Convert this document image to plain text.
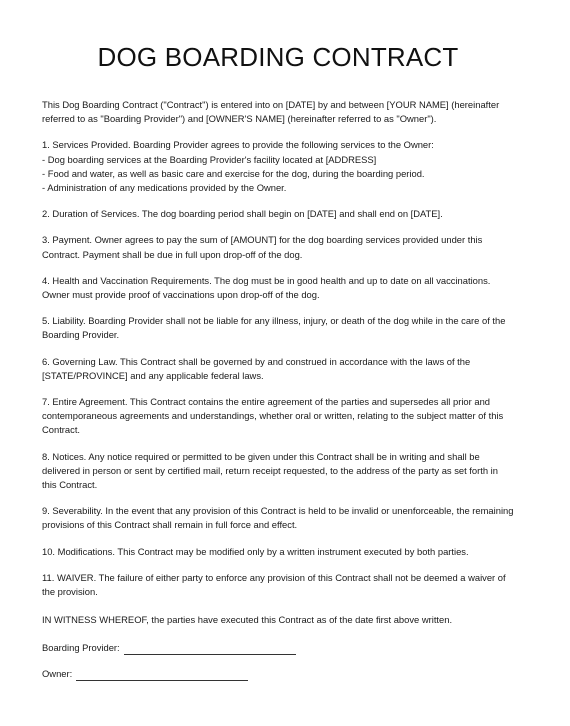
DOG BOARDING CONTRACT

This Dog Boarding Contract ("Contract") is entered into on [DATE] by and between [YOUR NAME] (hereinafter referred to as "Boarding Provider") and [OWNER'S NAME] (hereinafter referred to as "Owner").

1. Services Provided. Boarding Provider agrees to provide the following services to the Owner:
- Dog boarding services at the Boarding Provider's facility located at [ADDRESS]
- Food and water, as well as basic care and exercise for the dog, during the boarding period.
- Administration of any medications provided by the Owner.

2. Duration of Services. The dog boarding period shall begin on [DATE] and shall end on [DATE].

3. Payment. Owner agrees to pay the sum of [AMOUNT] for the dog boarding services provided under this Contract. Payment shall be due in full upon drop-off of the dog.

4. Health and Vaccination Requirements. The dog must be in good health and up to date on all vaccinations. Owner must provide proof of vaccinations upon drop-off of the dog.

5. Liability. Boarding Provider shall not be liable for any illness, injury, or death of the dog while in the care of the Boarding Provider.

6. Governing Law. This Contract shall be governed by and construed in accordance with the laws of the [STATE/PROVINCE] and any applicable federal laws.

7. Entire Agreement. This Contract contains the entire agreement of the parties and supersedes all prior and contemporaneous agreements and understandings, whether oral or written, relating to the subject matter of this Contract.

8. Notices. Any notice required or permitted to be given under this Contract shall be in writing and shall be delivered in person or sent by certified mail, return receipt requested, to the address of the party as set forth in this Contract.

9. Severability. In the event that any provision of this Contract is held to be invalid or unenforceable, the remaining provisions of this Contract shall remain in full force and effect.

10. Modifications. This Contract may be modified only by a written instrument executed by both parties.

11. WAIVER. The failure of either party to enforce any provision of this Contract shall not be deemed a waiver of the provision.

IN WITNESS WHEREOF, the parties have executed this Contract as of the date first above written.

Boarding Provider:
Owner:
